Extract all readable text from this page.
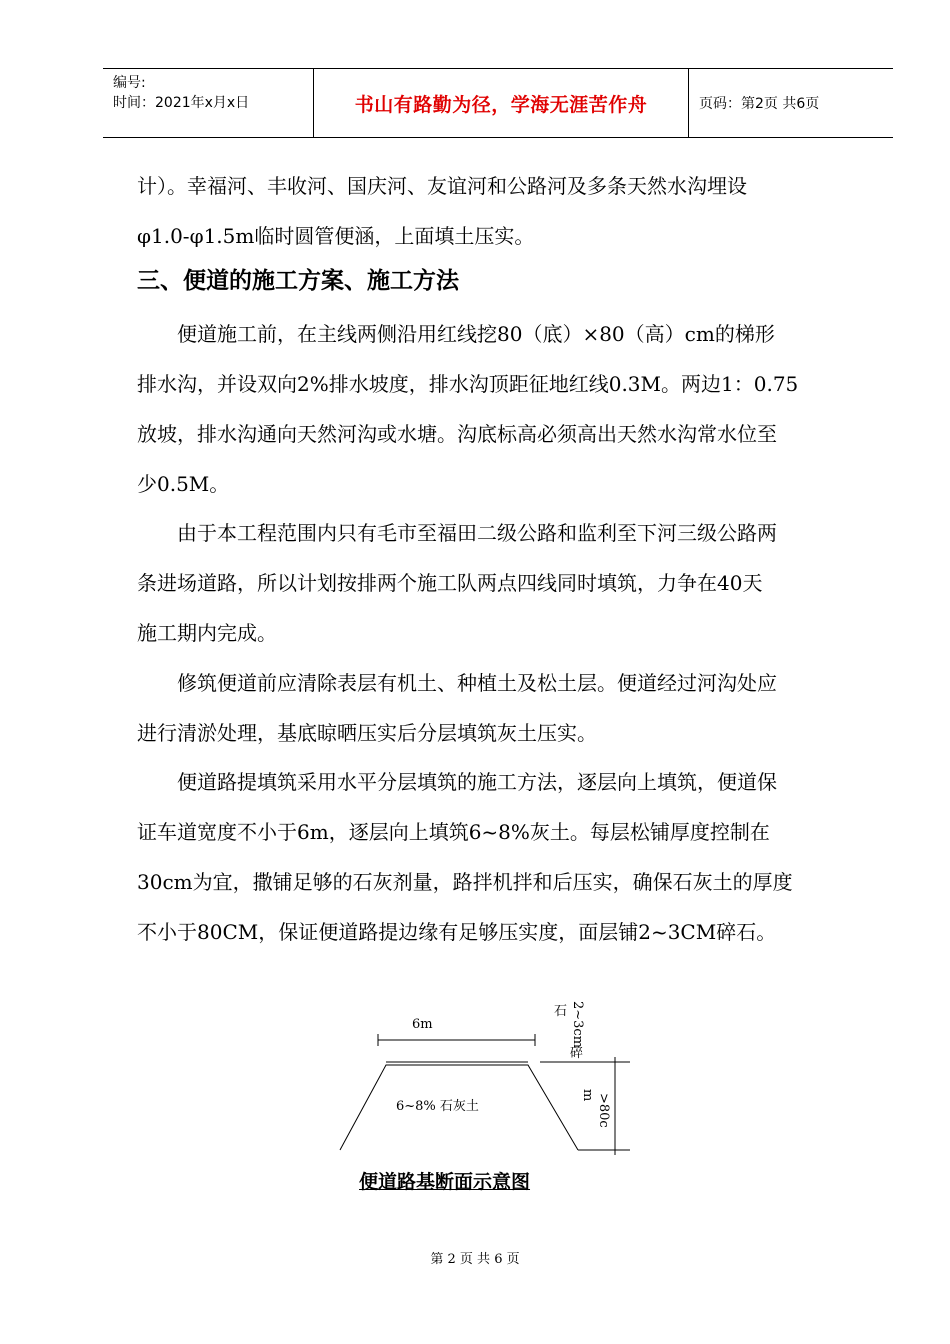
编号:
时间：2021年x月x日	书山有路勤为径，学海无涯苦作舟	页码：第2页 共6页
计）。幸福河、丰收河、国庆河、友谊河和公路河及多条天然水沟埋设
φ1.0-φ1.5m临时圆管便涵，上面填土压实。
三、便道的施工方案、施工方法
　　便道施工前，在主线两侧沿用红线挖80（底）×80（高）cm的梯形
排水沟，并设双向2%排水坡度，排水沟顶距征地红线0.3M。两边1：0.75
放坡，排水沟通向天然河沟或水塘。沟底标高必须高出天然水沟常水位至
少0.5M。
　　由于本工程范围内只有毛市至福田二级公路和监利至下河三级公路两
条进场道路，所以计划按排两个施工队两点四线同时填筑，力争在40天
施工期内完成。
　　修筑便道前应清除表层有机土、种植土及松土层。便道经过河沟处应
进行清淤处理，基底晾晒压实后分层填筑灰土压实。
　　便道路提填筑采用水平分层填筑的施工方法，逐层向上填筑，便道保
证车道宽度不小于6m，逐层向上填筑6~8%灰土。每层松铺厚度控制在
30cm为宜，撒铺足够的石灰剂量，路拌机拌和后压实，确保石灰土的厚度
不小于80CM，保证便道路提边缘有足够压实度，面层铺2~3CM碎石。
6m
6~8% 石灰土
石 2~3cm
碎
m >80c
便道路基断面示意图
第 2 页 共 6 页
